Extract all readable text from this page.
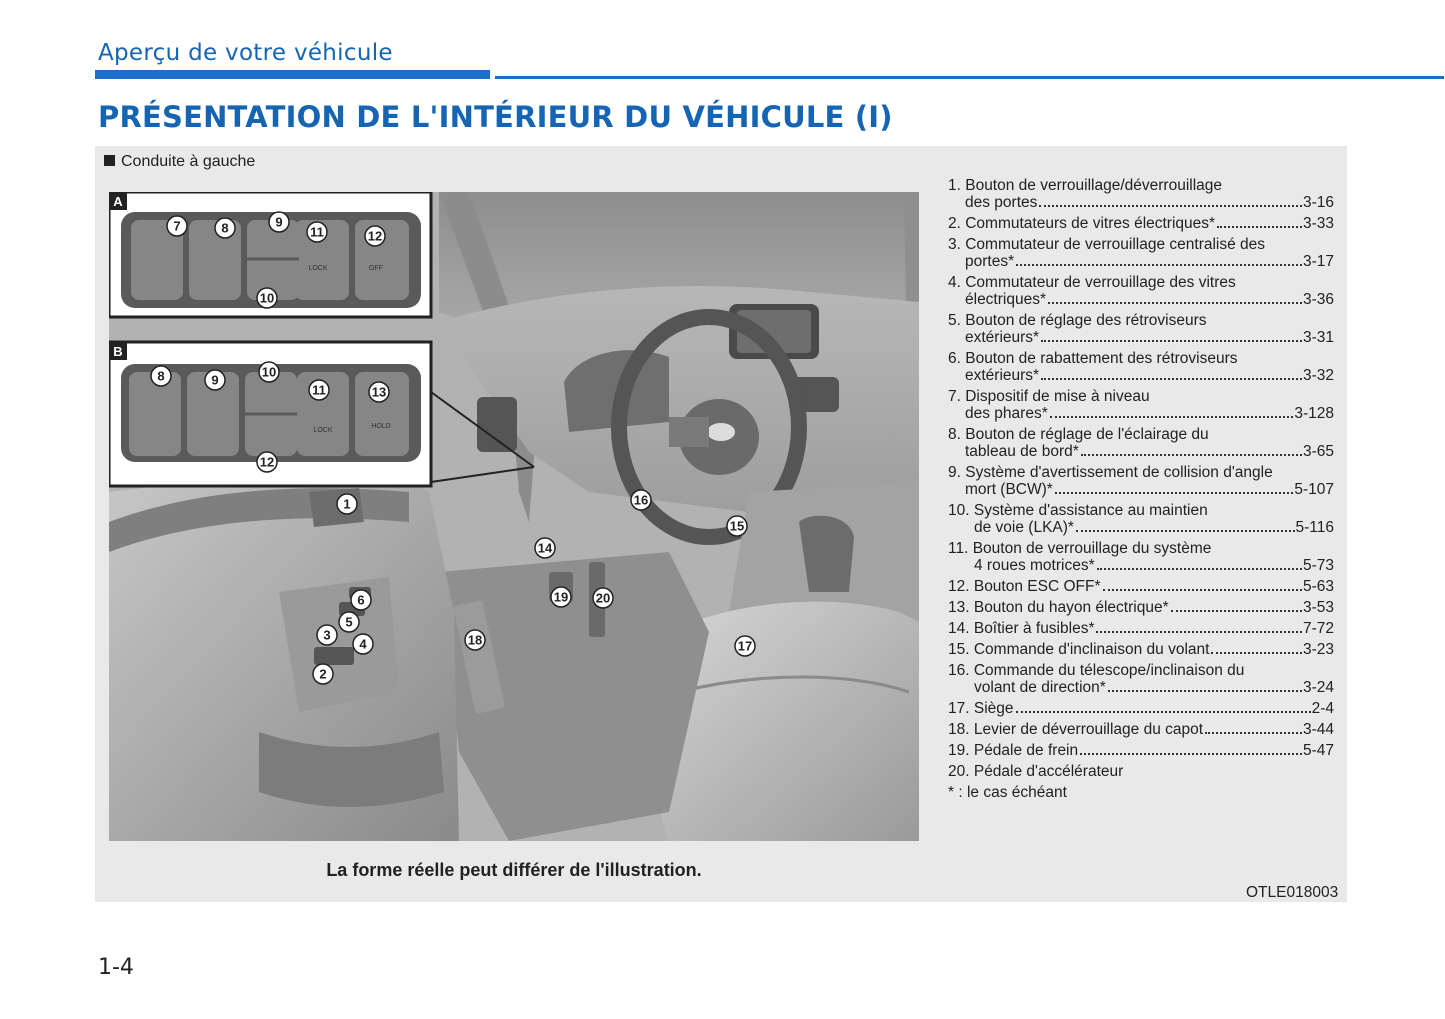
Aperçu de votre véhicule
PRÉSENTATION DE L'INTÉRIEUR DU VÉHICULE (I)
Conduite à gauche
A
LOCK	OFF
B
LOCK
HOLD
7	8	9
10
11	12
8	9
10
11	13
12
1	16
15
14
6
5
3
4
2
19 20
17
18
La forme réelle peut différer de l'illustration.
1. Bouton de verrouillage/déverrouillage
des portes	3-16
2. Commutateurs de vitres électriques*	3-33
3. Commutateur de verrouillage centralisé des
portes*	3-17
4. Commutateur de verrouillage des vitres
électriques*	3-36
5. Bouton de réglage des rétroviseurs
extérieurs*	3-31
6. Bouton de rabattement des rétroviseurs
extérieurs*	3-32
7. Dispositif de mise à niveau
des phares*	3-128
8. Bouton de réglage de l'éclairage du
tableau de bord*	3-65
9. Système d'avertissement de collision d'angle
mort (BCW)*	5-107
10. Système d'assistance au maintien
de voie (LKA)*	5-116
11. Bouton de verrouillage du système
4 roues motrices*	5-73
12. Bouton ESC OFF*	5-63
13. Bouton du hayon électrique*	3-53
14. Boîtier à fusibles*	7-72
15. Commande d'inclinaison du volant	3-23
16. Commande du télescope/inclinaison du
volant de direction*	3-24
17. Siège	2-4
18. Levier de déverrouillage du capot	3-44
19. Pédale de frein	5-47
20. Pédale d'accélérateur
* : le cas échéant
OTLE018003
1-4
